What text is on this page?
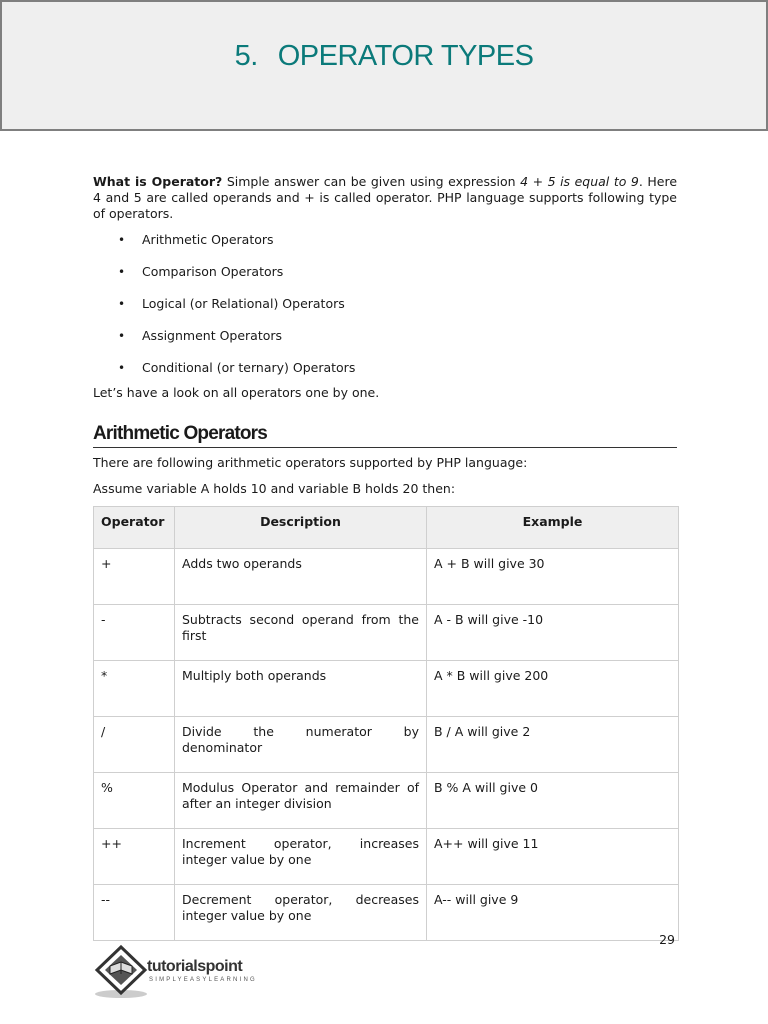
5. OPERATOR TYPES
What is Operator? Simple answer can be given using expression 4 + 5 is equal to 9. Here 4 and 5 are called operands and + is called operator. PHP language supports following type of operators.
• Arithmetic Operators
• Comparison Operators
• Logical (or Relational) Operators
• Assignment Operators
• Conditional (or ternary) Operators
Let’s have a look on all operators one by one.
Arithmetic Operators
There are following arithmetic operators supported by PHP language:
Assume variable A holds 10 and variable B holds 20 then:
Operator	Description	Example
+	Adds two operands	A + B will give 30
-	Subtracts second operand from the first	A - B will give -10
*	Multiply both operands	A * B will give 200
/	Divide the numerator by denominator	B / A will give 2
%	Modulus Operator and remainder of after an integer division	B % A will give 0
++	Increment operator, increases integer value by one	A++ will give 11
--	Decrement operator, decreases integer value by one	A-- will give 9
29
tutorialspoint
SIMPLYEASYLEARNING
